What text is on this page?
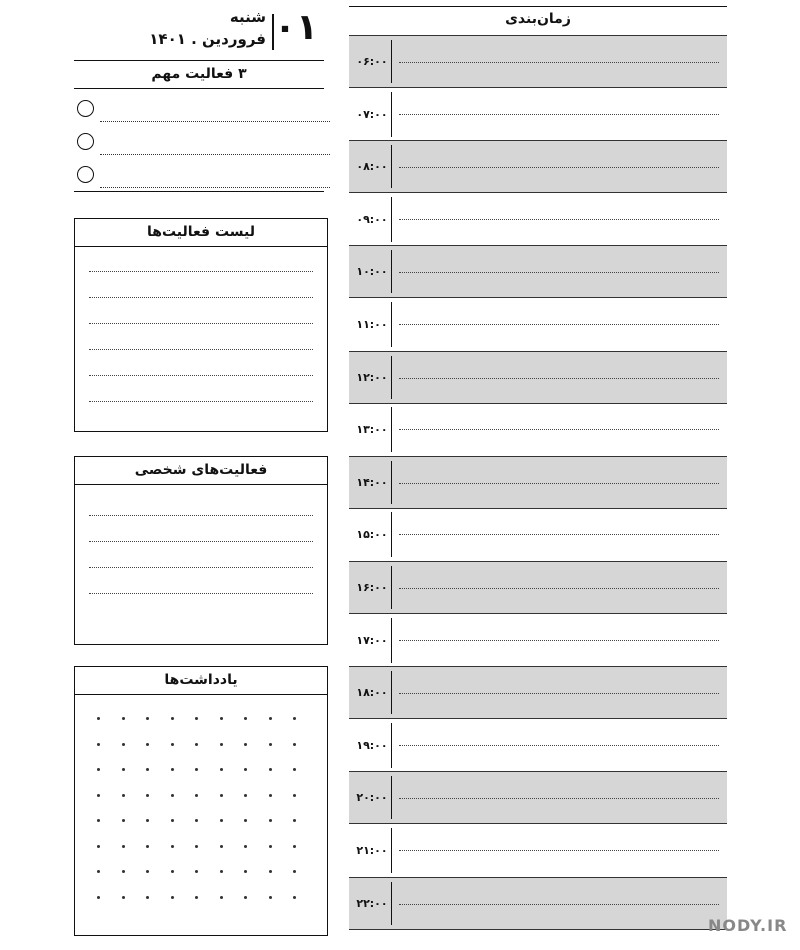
۰۱
شنبه
فروردین . ۱۴۰۱
۳ فعالیت مهم
لیست فعالیت‌ها
فعالیت‌های شخصی
یادداشت‌ها
زمان‌بندی
۰۶:۰۰
۰۷:۰۰
۰۸:۰۰
۰۹:۰۰
۱۰:۰۰
۱۱:۰۰
۱۲:۰۰
۱۳:۰۰
۱۴:۰۰
۱۵:۰۰
۱۶:۰۰
۱۷:۰۰
۱۸:۰۰
۱۹:۰۰
۲۰:۰۰
۲۱:۰۰
۲۲:۰۰
NODY.IR
